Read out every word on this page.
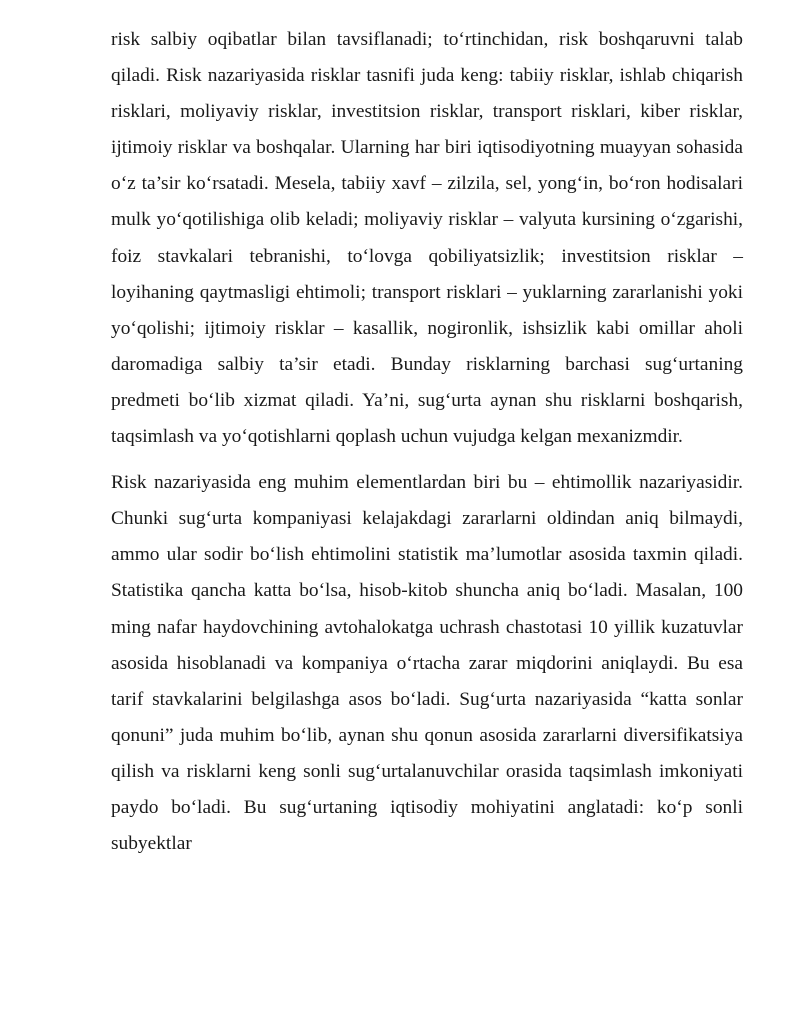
risk salbiy oqibatlar bilan tavsiflanadi; to‘rtinchidan, risk boshqaruvni talab qiladi. Risk nazariyasida risklar tasnifi juda keng: tabiiy risklar, ishlab chiqarish risklari, moliyaviy risklar, investitsion risklar, transport risklari, kiber risklar, ijtimoiy risklar va boshqalar. Ularning har biri iqtisodiyotning muayyan sohasida o‘z ta’sir ko‘rsatadi. Mesela, tabiiy xavf – zilzila, sel, yong‘in, bo‘ron hodisalari mulk yo‘qotilishiga olib keladi; moliyaviy risklar – valyuta kursining o‘zgarishi, foiz stavkalari tebranishi, to‘lovga qobiliyatsizlik; investitsion risklar – loyihaning qaytmasligi ehtimoli; transport risklari – yuklarning zararlanishi yoki yo‘qolishi; ijtimoiy risklar – kasallik, nogironlik, ishsizlik kabi omillar aholi daromadiga salbiy ta’sir etadi. Bunday risklarning barchasi sug‘urtaning predmeti bo‘lib xizmat qiladi. Ya’ni, sug‘urta aynan shu risklarni boshqarish, taqsimlash va yo‘qotishlarni qoplash uchun vujudga kelgan mexanizmdir.

Risk nazariyasida eng muhim elementlardan biri bu – ehtimollik nazariyasidir. Chunki sug‘urta kompaniyasi kelajakdagi zararlarni oldindan aniq bilmaydi, ammo ular sodir bo‘lish ehtimolini statistik ma’lumotlar asosida taxmin qiladi. Statistika qancha katta bo‘lsa, hisob-kitob shuncha aniq bo‘ladi. Masalan, 100 ming nafar haydovchining avtohalokatga uchrash chastotasi 10 yillik kuzatuvlar asosida hisoblanadi va kompaniya o‘rtacha zarar miqdorini aniqlaydi. Bu esa tarif stavkalarini belgilashga asos bo‘ladi. Sug‘urta nazariyasida “katta sonlar qonuni” juda muhim bo‘lib, aynan shu qonun asosida zararlarni diversifikatsiya qilish va risklarni keng sonli sug‘urtalanuvchilar orasida taqsimlash imkoniyati paydo bo‘ladi. Bu sug‘urtaning iqtisodiy mohiyatini anglatadi: ko‘p sonli subyektlar
